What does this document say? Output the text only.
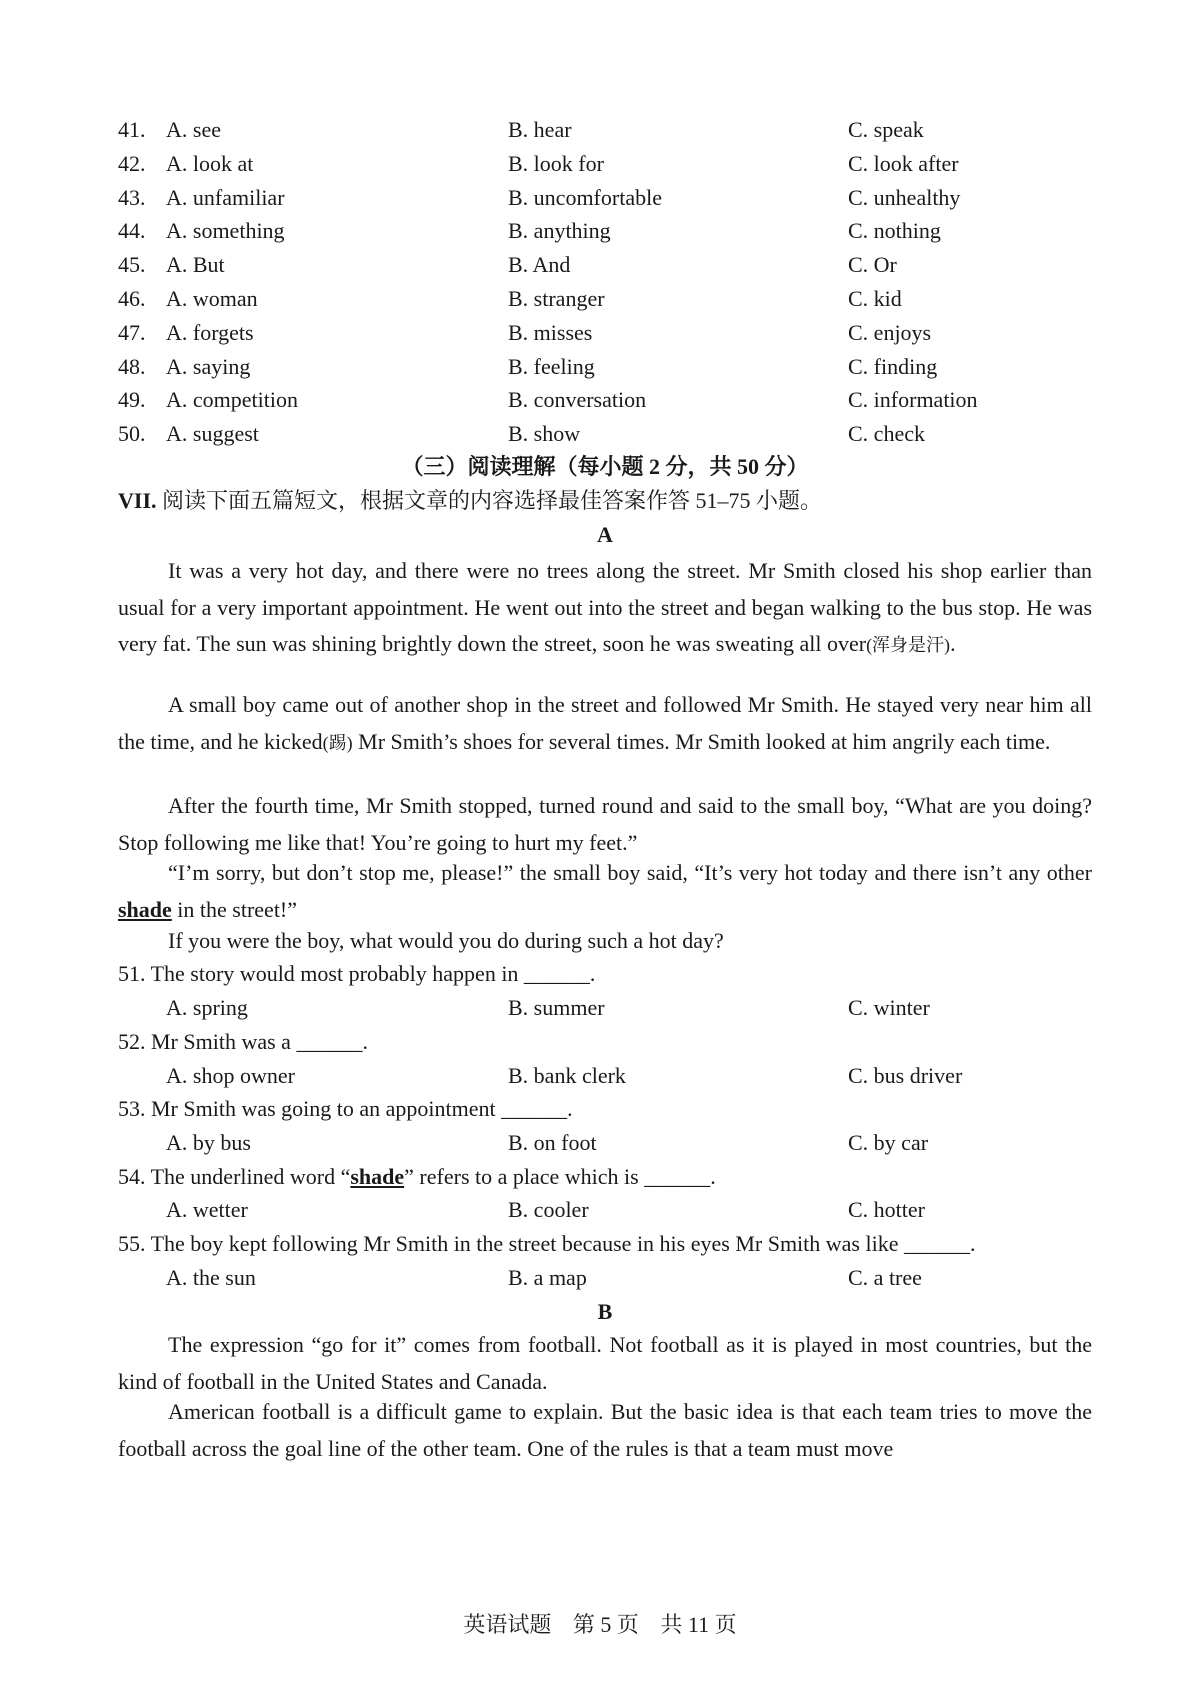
41. A. see	B. hear	C. speak
42. A. look at	B. look for	C. look after
43. A. unfamiliar	B. uncomfortable	C. unhealthy
44. A. something	B. anything	C. nothing
45. A. But	B. And	C. Or
46. A. woman	B. stranger	C. kid
47. A. forgets	B. misses	C. enjoys
48. A. saying	B. feeling	C. finding
49. A. competition	B. conversation	C. information
50. A. suggest	B. show	C. check
（三）阅读理解（每小题 2 分，共 50 分）
VII. 阅读下面五篇短文，根据文章的内容选择最佳答案作答 51–75 小题。
A

It was a very hot day, and there were no trees along the street. Mr Smith closed his shop earlier than usual for a very important appointment. He went out into the street and began walking to the bus stop. He was very fat. The sun was shining brightly down the street, soon he was sweating all over(浑身是汗).

A small boy came out of another shop in the street and followed Mr Smith. He stayed very near him all the time, and he kicked(踢) Mr Smith’s shoes for several times. Mr Smith looked at him angrily each time.

After the fourth time, Mr Smith stopped, turned round and said to the small boy, “What are you doing? Stop following me like that! You’re going to hurt my feet.”

“I’m sorry, but don’t stop me, please!” the small boy said, “It’s very hot today and there isn’t any other shade in the street!”

If you were the boy, what would you do during such a hot day?

51. The story would most probably happen in ______.
A. spring	B. summer	C. winter
52. Mr Smith was a ______.
A. shop owner	B. bank clerk	C. bus driver
53. Mr Smith was going to an appointment ______.
A. by bus	B. on foot	C. by car
54. The underlined word “shade” refers to a place which is ______.
A. wetter	B. cooler	C. hotter
55. The boy kept following Mr Smith in the street because in his eyes Mr Smith was like ______.
A. the sun	B. a map	C. a tree
B

The expression “go for it” comes from football. Not football as it is played in most countries, but the kind of football in the United States and Canada.

American football is a difficult game to explain. But the basic idea is that each team tries to move the football across the goal line of the other team. One of the rules is that a team must move

英语试题 第 5 页 共 11 页
